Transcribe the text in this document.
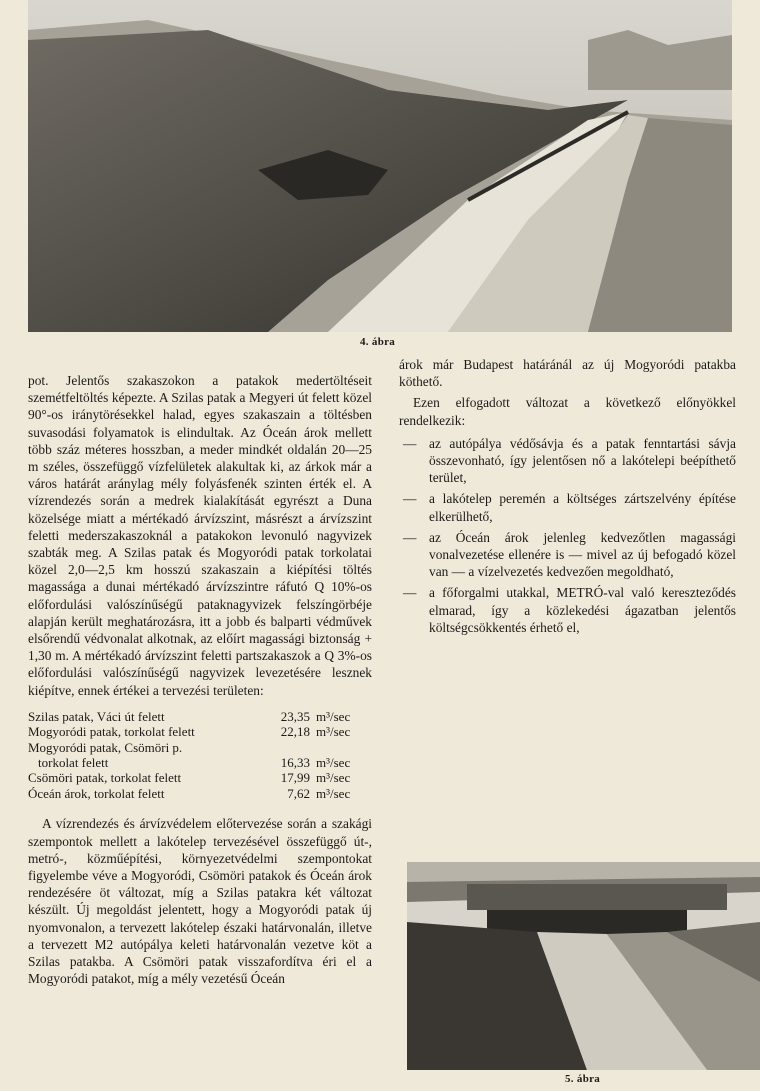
4. ábra

pot. Jelentős szakaszokon a patakok medertöltéseit szemétfeltöltés képezte. A Szilas patak a Megyeri út felett közel 90°-os iránytörésekkel halad, egyes szakaszain a töltésben suvasodási folyamatok is elindultak. Az Óceán árok mellett több száz méteres hosszban, a meder mindkét oldalán 20—25 m széles, összefüggő vízfelületek alakultak ki, az árkok már a város határát aránylag mély folyásfenék szinten érték el. A vízrendezés során a medrek kialakítását egyrészt a Duna közelsége miatt a mértékadó árvízszint, másrészt a árvízszint feletti mederszakaszoknál a patakokon levonuló nagyvizek szabták meg. A Szilas patak és Mogyoródi patak torkolatai közel 2,0—2,5 km hosszú szakaszain a kiépítési töltés magassága a dunai mértékadó árvízszintre ráfutó Q 10%-os előfordulási valószínűségű pataknagyvizek felszíngörbéje alapján került meghatározásra, itt a jobb és balparti védművek elsőrendű védvonalat alkotnak, az előírt magassági biztonság + 1,30 m. A mértékadó árvízszint feletti partszakaszok a Q 3%-os előfordulási valószínűségű nagyvizek levezetésére lesznek kiépítve, ennek értékei a tervezési területen:

Szilas patak, Váci út felett	23,35	m³/sec
Mogyoródi patak, torkolat felett	22,18	m³/sec
Mogyoródi patak, Csömöri p.
torkolat felett	16,33	m³/sec
Csömöri patak, torkolat felett	17,99	m³/sec
Óceán árok, torkolat felett	7,62	m³/sec

A vízrendezés és árvízvédelem előtervezése során a szakági szempontok mellett a lakótelep tervezésével összefüggő út-, metró-, közműépítési, környezetvédelmi szempontokat figyelembe véve a Mogyoródi, Csömöri patakok és Óceán árok rendezésére öt változat, míg a Szilas patakra két változat készült. Új megoldást jelentett, hogy a Mogyoródi patak új nyomvonalon, a tervezett lakótelep északi határvonalán, illetve a tervezett M2 autópálya keleti határvonalán vezetve köt a Szilas patakba. A Csömöri patak visszafordítva éri el a Mogyoródi patakot, míg a mély vezetésű Óceán

árok már Budapest határánál az új Mogyoródi patakba köthető.

Ezen elfogadott változat a következő előnyökkel rendelkezik:

— az autópálya védősávja és a patak fenntartási sávja összevonható, így jelentősen nő a lakótelepi beépíthető terület,
— a lakótelep peremén a költséges zártszelvény építése elkerülhető,
— az Óceán árok jelenleg kedvezőtlen magassági vonalvezetése ellenére is — mivel az új befogadó közel van — a vízelvezetés kedvezően megoldható,
— a főforgalmi utakkal, METRÓ-val való kereszteződés elmarad, így a közlekedési ágazatban jelentős költségcsökkentés érhető el,
5. ábra
